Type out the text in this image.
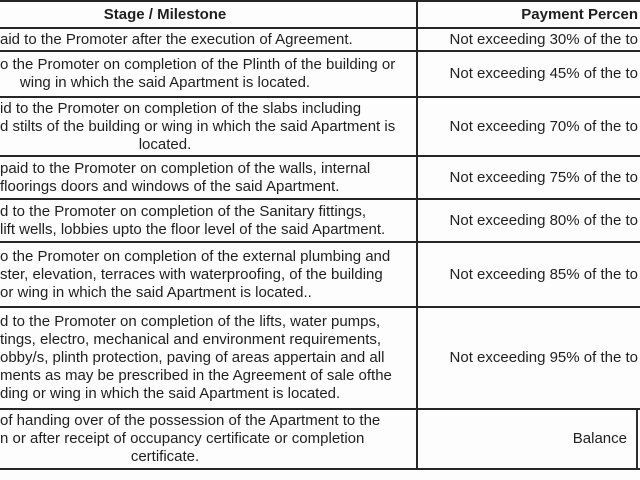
Stage / Milestone	Payment Percen
aid to the Promoter after the execution of Agreement.	Not exceeding 30% of the to
o the Promoter on completion of the Plinth of the building or
wing in which the said Apartment is located.
Not exceeding 45% of the to
id to the Promoter on completion of the slabs including
d stilts of the building or wing in which the said Apartment is
located.
Not exceeding 70% of the to
paid to the Promoter on completion of the walls, internal
floorings doors and windows of the said Apartment.
Not exceeding 75% of the to
d to the Promoter on completion of the Sanitary fittings,
lift wells, lobbies upto the floor level of the said Apartment.
Not exceeding 80% of the to
o the Promoter on completion of the external plumbing and
ster, elevation, terraces with waterproofing, of the building
or wing in which the said Apartment is located..
Not exceeding 85% of the to
d to the Promoter on completion of the lifts, water pumps,
tings, electro, mechanical and environment requirements,
obby/s, plinth protection, paving of areas appertain and all
ments as may be prescribed in the Agreement of sale ofthe
ding or wing in which the said Apartment is located.
Not exceeding 95% of the to
of handing over of the possession of the Apartment to the
n or after receipt of occupancy certificate or completion
certificate.
Balance
